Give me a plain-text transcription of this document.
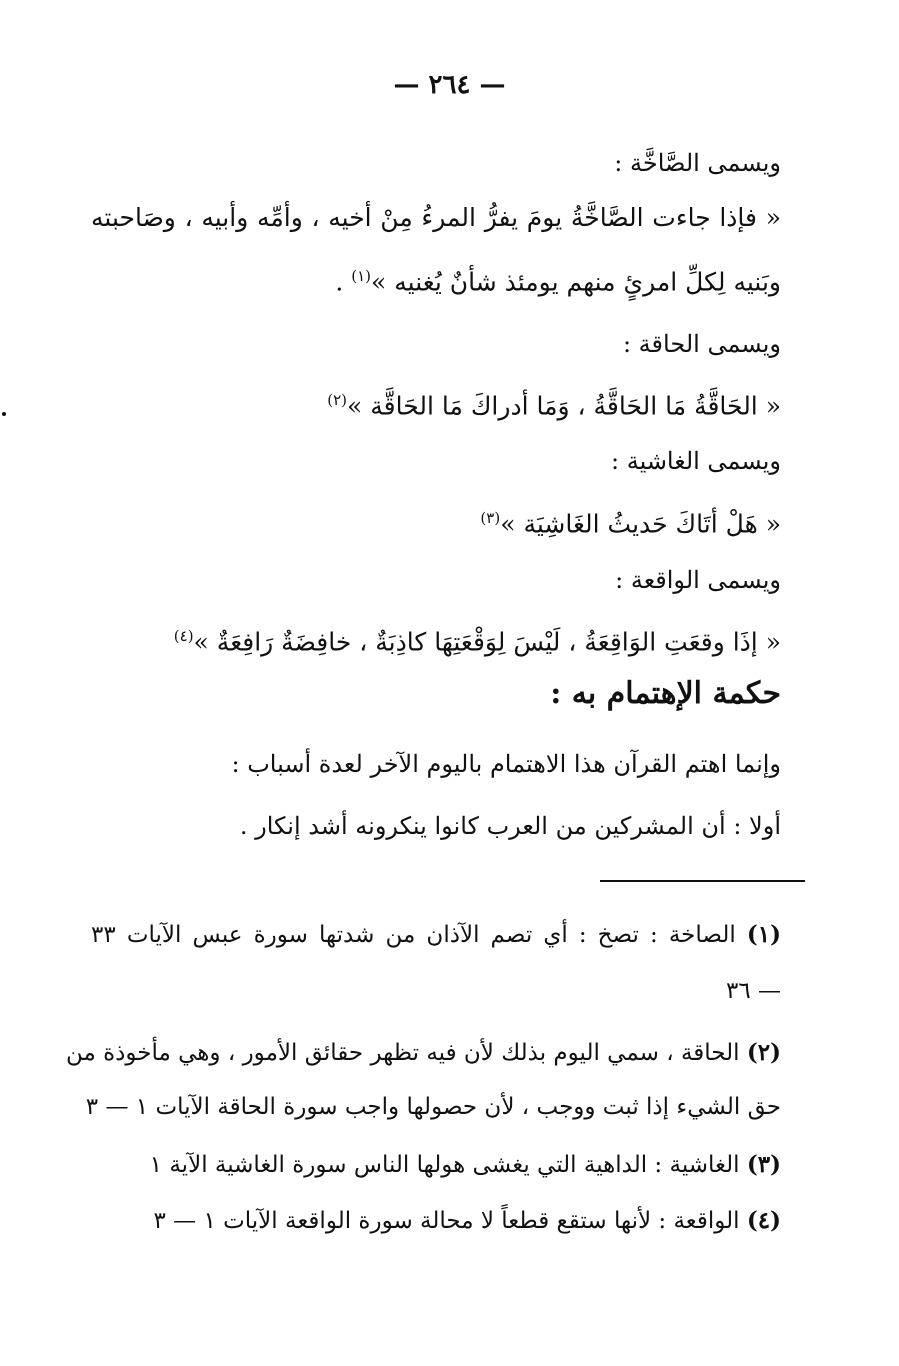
— ٢٦٤ —
ويسمى الصَّاخَّة :
« فإذا جاءت الصَّاخَّةُ يومَ يفرُّ المرءُ مِنْ أخيه ، وأمِّه وأبيه ، وصَاحبته
وبَنيه لِكلِّ امرئٍ منهم يومئذ شأنٌ يُغنيه »$^{(١)}$ .
ويسمى الحاقة :
« الحَاقَّةُ مَا الحَاقَّةُ ، وَمَا أدراكَ مَا الحَاقَّة »$^{(٢)}$
ويسمى الغاشية :
« هَلْ أتَاكَ حَديثُ الغَاشِيَة »$^{(٣)}$
ويسمى الواقعة :
« إذَا وقعَتِ الوَاقِعَةُ ، لَيْسَ لِوَقْعَتِهَا كاذِبَةٌ ، خافِضَةٌ رَافِعَةٌ »$^{(٤)}$
حكمة الإهتمام به :
وإنما اهتم القرآن هذا الاهتمام باليوم الآخر لعدة أسباب :
أولا : أن المشركين من العرب كانوا ينكرونه أشد إنكار .
(١) الصاخة : تصخ : أي تصم الآذان من شدتها سورة عبس الآيات ٣٣
— ٣٦
(٢) الحاقة ، سمي اليوم بذلك لأن فيه تظهر حقائق الأمور ، وهي مأخوذة من
حق الشيء إذا ثبت ووجب ، لأن حصولها واجب سورة الحاقة الآيات ١ — ٣
(٣) الغاشية : الداهية التي يغشى هولها الناس سورة الغاشية الآية ١
(٤) الواقعة : لأنها ستقع قطعاً لا محالة سورة الواقعة الآيات ١ — ٣
